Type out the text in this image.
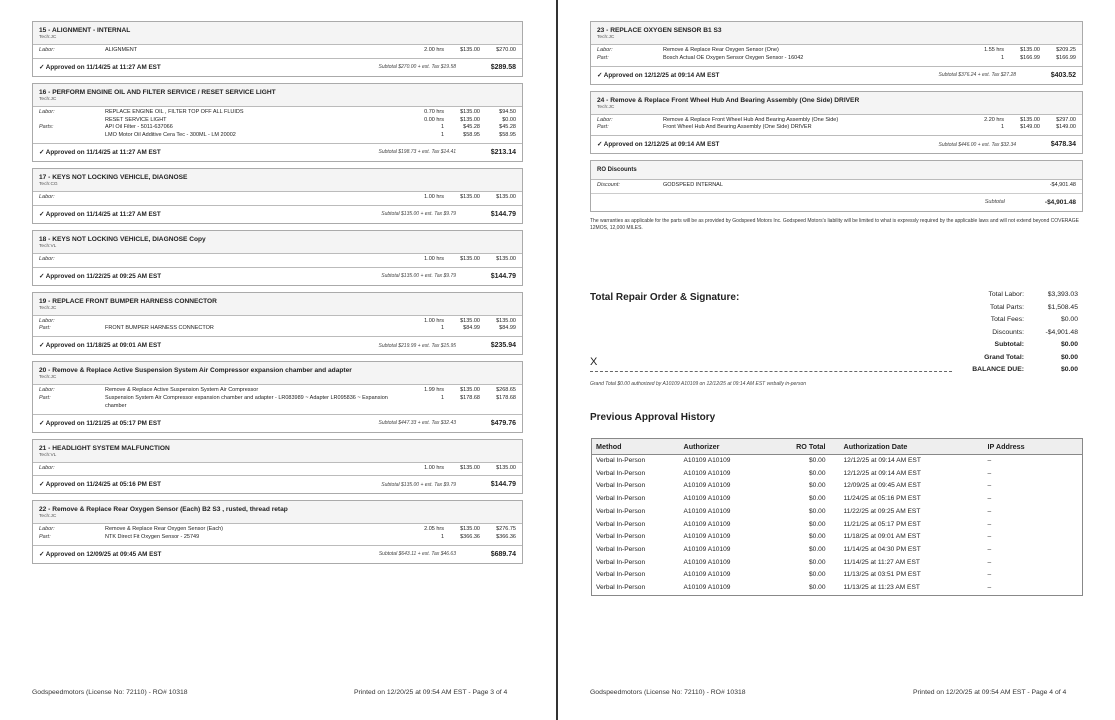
15 - ALIGNMENT - INTERNAL
Tech:JC
Labor:	ALIGNMENT	2.00 hrs	$135.00	$270.00
✓ Approved on 11/14/25 at 11:27 AM EST	Subtotal $270.00 + est. Tax $19.58	$289.58
16 - PERFORM ENGINE OIL AND FILTER SERVICE / RESET SERVICE LIGHT
Tech:JC
Labor:	REPLACE ENGINE OIL , FILTER TOP OFF ALL FLUIDS	0.70 hrs	$135.00	$94.50
RESET SERVICE LIGHT	0.00 hrs	$135.00	$0.00
Parts:	API Oil Filter - 5011-637066	1	$45.28	$45.28
LMO Motor Oil Additive Cera Tec - 300ML - LM 20002	1	$58.95	$58.95
✓ Approved on 11/14/25 at 11:27 AM EST	Subtotal $198.73 + est. Tax $14.41	$213.14
17 - KEYS NOT LOCKING VEHICLE, DIAGNOSE
Tech:CG
Labor:	1.00 hrs	$135.00	$135.00
✓ Approved on 11/14/25 at 11:27 AM EST	Subtotal $135.00 + est. Tax $9.79	$144.79
18 - KEYS NOT LOCKING VEHICLE, DIAGNOSE Copy
Tech:VL
Labor:	1.00 hrs	$135.00	$135.00
✓ Approved on 11/22/25 at 09:25 AM EST	Subtotal $135.00 + est. Tax $9.79	$144.79
19 - REPLACE FRONT BUMPER HARNESS CONNECTOR
Tech:JC
Labor:	1.00 hrs	$135.00	$135.00
Part:	FRONT BUMPER HARNESS CONNECTOR	1	$84.99	$84.99
✓ Approved on 11/18/25 at 09:01 AM EST	Subtotal $219.99 + est. Tax $15.95	$235.94
20 - Remove & Replace Active Suspension System Air Compressor expansion chamber and adapter
Tech:JC
Labor:	Remove & Replace Active Suspension System Air Compressor	1.99 hrs	$135.00	$268.65
Part:	Suspension System Air Compressor expansion chamber and adapter - LR083989 ~ Adapter LR095836 ~ Expansion chamber
1	$178.68	$178.68
✓ Approved on 11/21/25 at 05:17 PM EST	Subtotal $447.33 + est. Tax $32.43	$479.76
21 - HEADLIGHT SYSTEM MALFUNCTION
Tech:VL
Labor:	1.00 hrs	$135.00	$135.00
✓ Approved on 11/24/25 at 05:16 PM EST	Subtotal $135.00 + est. Tax $9.79	$144.79
22 - Remove & Replace Rear Oxygen Sensor (Each) B2 S3 , rusted, thread retap
Tech:JC
Labor:	Remove & Replace Rear Oxygen Sensor (Each)	2.05 hrs	$135.00	$276.75
Part:	NTK Direct Fit Oxygen Sensor - 25749	1	$366.36	$366.36
✓ Approved on 12/09/25 at 09:45 AM EST	Subtotal $643.11 + est. Tax $46.63	$689.74
Godspeedmotors (License No: 72110) - RO# 10318	Printed on 12/20/25 at 09:54 AM EST - Page 3 of 4
23 - REPLACE OXYGEN SENSOR B1 S3
Tech:JC
Labor:	Remove & Replace Rear Oxygen Sensor (One)	1.55 hrs	$135.00	$209.25
Part:	Bosch Actual OE Oxygen Sensor Oxygen Sensor - 16042	1	$166.99	$166.99
✓ Approved on 12/12/25 at 09:14 AM EST	Subtotal $376.24 + est. Tax $27.28	$403.52
24 - Remove & Replace Front Wheel Hub And Bearing Assembly (One Side) DRIVER
Tech:JC
Labor:	Remove & Replace Front Wheel Hub And Bearing Assembly (One Side)	2.20 hrs	$135.00	$297.00
Part:	Front Wheel Hub And Bearing Assembly (One Side) DRIVER	1	$149.00	$149.00
✓ Approved on 12/12/25 at 09:14 AM EST	Subtotal $446.00 + est. Tax $32.34	$478.34
RO Discounts
Discount:	GODSPEED INTERNAL	-$4,901.48
Subtotal	-$4,901.48
The warranties as applicable for the parts will be as provided by Godspeed Motors Inc. Godspeed Motors's liability will be limited to what is expressly required by the applicable laws and will not extend beyond COVERAGE 12MOS, 12,000 MILES.
Total Repair Order & Signature:	Total Labor:	$3,393.03
Total Parts:	$1,508.45
Total Fees:	$0.00
Discounts:	-$4,901.48
Subtotal:	$0.00
Grand Total:	$0.00
BALANCE DUE:	$0.00
X
Grand Total $0.00 authorized by A10109 A10109 on 12/12/25 at 09:14 AM EST verbally in-person
Previous Approval History
Method	Authorizer	RO Total	Authorization Date	IP Address
Verbal In-Person	A10109 A10109	$0.00	12/12/25 at 09:14 AM EST	–
Verbal In-Person	A10109 A10109	$0.00	12/12/25 at 09:14 AM EST	–
Verbal In-Person	A10109 A10109	$0.00	12/09/25 at 09:45 AM EST	–
Verbal In-Person	A10109 A10109	$0.00	11/24/25 at 05:16 PM EST	–
Verbal In-Person	A10109 A10109	$0.00	11/22/25 at 09:25 AM EST	–
Verbal In-Person	A10109 A10109	$0.00	11/21/25 at 05:17 PM EST	–
Verbal In-Person	A10109 A10109	$0.00	11/18/25 at 09:01 AM EST	–
Verbal In-Person	A10109 A10109	$0.00	11/14/25 at 04:30 PM EST	–
Verbal In-Person	A10109 A10109	$0.00	11/14/25 at 11:27 AM EST	–
Verbal In-Person	A10109 A10109	$0.00	11/13/25 at 03:51 PM EST	–
Verbal In-Person	A10109 A10109	$0.00	11/13/25 at 11:23 AM EST	–
Godspeedmotors (License No: 72110) - RO# 10318	Printed on 12/20/25 at 09:54 AM EST - Page 4 of 4
